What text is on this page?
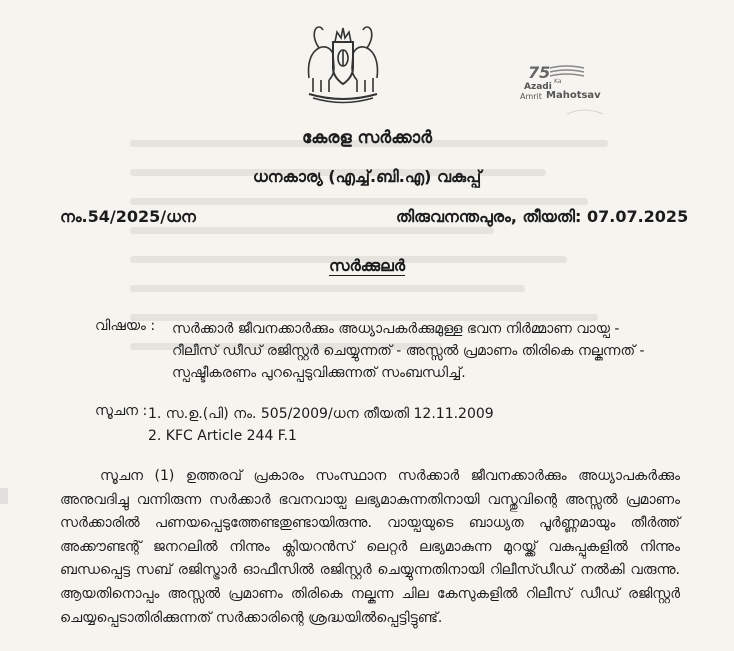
75
Azadi
Ka
Amrit Mahotsav
കേരള സർക്കാർ
ധനകാര്യ (എച്ച്.ബി.എ) വകുപ്പ്
നം.54/2025/ധന	തിരുവനന്തപുരം, തീയതി: 07.07.2025
സർക്കുലർ
വിഷയം : സർക്കാർ ജീവനക്കാർക്കും അധ്യാപകർക്കുമുള്ള ഭവന നിർമ്മാണ വായ്പ - റീലീസ് ഡീഡ് രജിസ്റ്റർ ചെയ്യുന്നത് - അസ്സൽ പ്രമാണം തിരികെ നല്കുന്നത് - സ്പഷ്ടീകരണം പുറപ്പെടുവിക്കുന്നത് സംബന്ധിച്ച്.
സൂചന : 1. സ.ഉ.(പി) നം. 505/2009/ധന തീയതി 12.11.2009
2. KFC Article 244 F.1
സൂചന (1) ഉത്തരവ് പ്രകാരം സംസ്ഥാന സർക്കാർ ജീവനക്കാർക്കും അധ്യാപകർക്കും അനുവദിച്ചു വന്നിരുന്ന സർക്കാർ ഭവനവായ്പ ലഭ്യമാകുന്നതിനായി വസ്തുവിന്റെ അസ്സൽ പ്രമാണം സർക്കാരിൽ പണയപ്പെടുത്തേണ്ടതുണ്ടായിരുന്നു. വായ്പയുടെ ബാധ്യത പൂർണ്ണമായും തീർത്ത് അക്കൗണ്ടന്റ് ജനറലിൽ നിന്നും ക്ലിയറൻസ് ലെറ്റർ ലഭ്യമാകുന്ന മുറയ്ക്ക് വകുപ്പുകളിൽ നിന്നും ബന്ധപ്പെട്ട സബ് രജിസ്ട്രാർ ഓഫീസിൽ രജിസ്റ്റർ ചെയ്യുന്നതിനായി റിലീസ്ഡീഡ് നൽകി വരുന്നു. ആയതിനൊപ്പം അസ്സൽ പ്രമാണം തിരികെ നല്കുന്ന ചില കേസുകളിൽ റിലീസ് ഡീഡ് രജിസ്റ്റർ ചെയ്യപ്പെടാതിരിക്കുന്നത് സർക്കാരിന്റെ ശ്രദ്ധയിൽപ്പെട്ടിട്ടുണ്ട്.
